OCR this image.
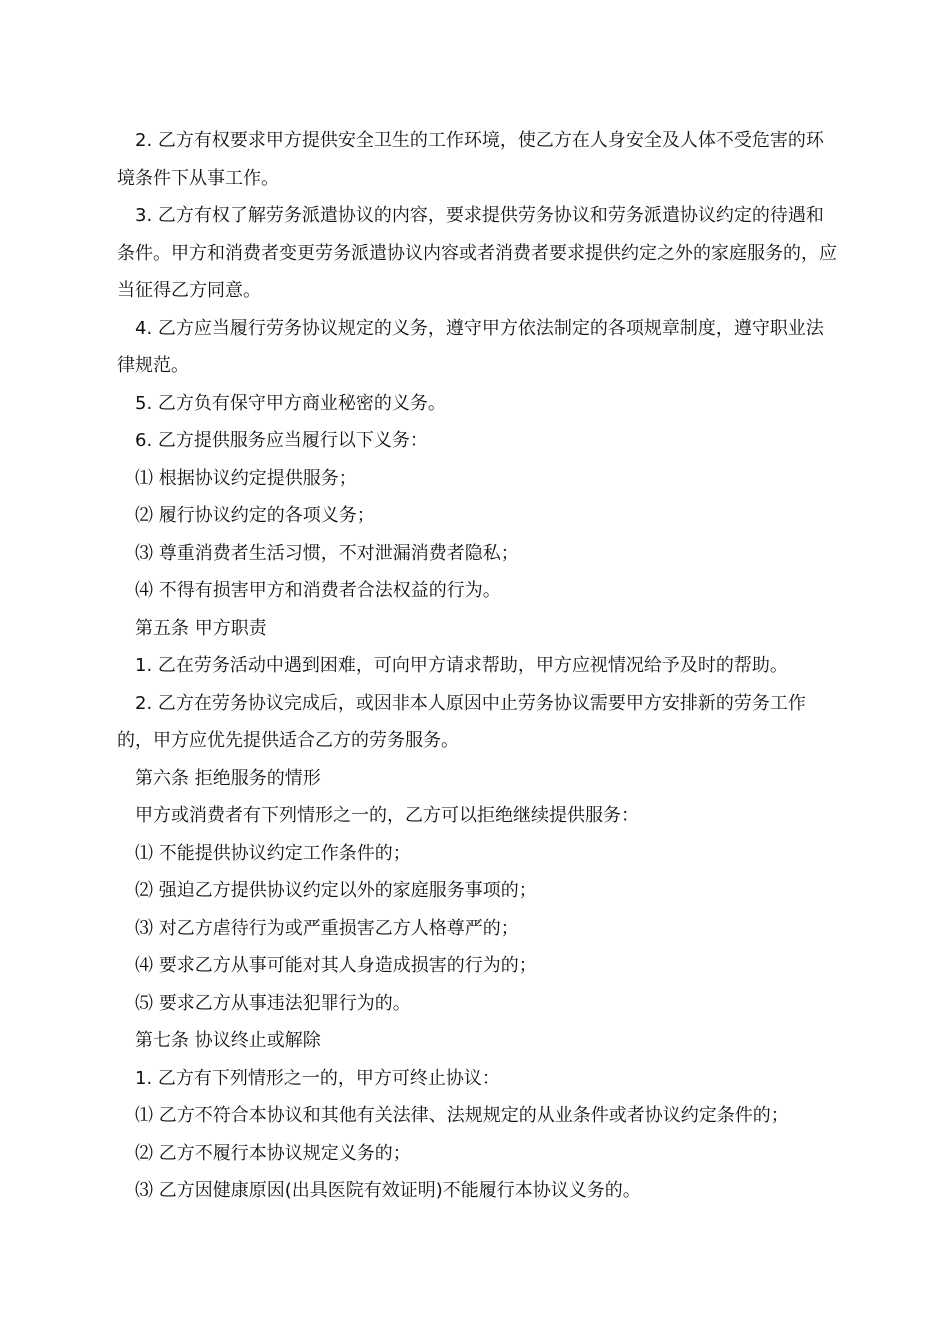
2. 乙方有权要求甲方提供安全卫生的工作环境，使乙方在人身安全及人体不受危害的环境条件下从事工作。

3. 乙方有权了解劳务派遣协议的内容，要求提供劳务协议和劳务派遣协议约定的待遇和条件。甲方和消费者变更劳务派遣协议内容或者消费者要求提供约定之外的家庭服务的，应当征得乙方同意。

4. 乙方应当履行劳务协议规定的义务，遵守甲方依法制定的各项规章制度，遵守职业法律规范。

5. 乙方负有保守甲方商业秘密的义务。

6. 乙方提供服务应当履行以下义务：

⑴ 根据协议约定提供服务；

⑵ 履行协议约定的各项义务；

⑶ 尊重消费者生活习惯，不对泄漏消费者隐私；

⑷ 不得有损害甲方和消费者合法权益的行为。

第五条 甲方职责

1. 乙在劳务活动中遇到困难，可向甲方请求帮助，甲方应视情况给予及时的帮助。

2. 乙方在劳务协议完成后，或因非本人原因中止劳务协议需要甲方安排新的劳务工作的，甲方应优先提供适合乙方的劳务服务。

第六条 拒绝服务的情形

甲方或消费者有下列情形之一的，乙方可以拒绝继续提供服务：

⑴ 不能提供协议约定工作条件的；

⑵ 强迫乙方提供协议约定以外的家庭服务事项的；

⑶ 对乙方虐待行为或严重损害乙方人格尊严的；

⑷ 要求乙方从事可能对其人身造成损害的行为的；

⑸ 要求乙方从事违法犯罪行为的。

第七条 协议终止或解除

1. 乙方有下列情形之一的，甲方可终止协议：

⑴ 乙方不符合本协议和其他有关法律、法规规定的从业条件或者协议约定条件的；

⑵ 乙方不履行本协议规定义务的；

⑶ 乙方因健康原因(出具医院有效证明)不能履行本协议义务的。
